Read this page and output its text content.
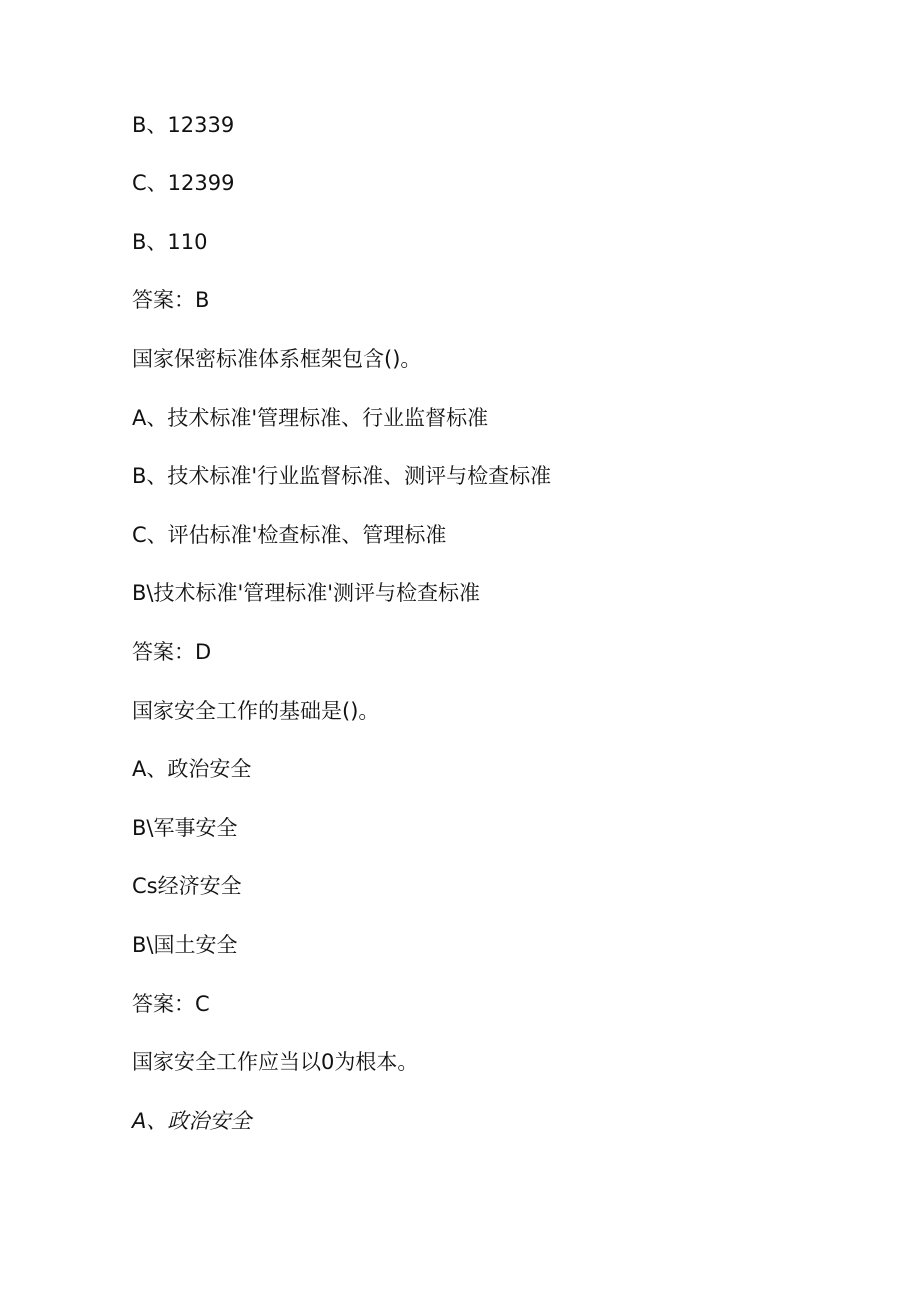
B、12339

C、12399

B、110

答案：B

国家保密标准体系框架包含()。

A、技术标准'管理标准、行业监督标准

B、技术标准'行业监督标准、测评与检查标准

C、评估标准'检查标准、管理标准

B\技术标准'管理标准'测评与检查标准

答案：D

国家安全工作的基础是()。

A、政治安全

B\军事安全

Cs经济安全

B\国土安全

答案：C

国家安全工作应当以0为根本。

A、政治安全
